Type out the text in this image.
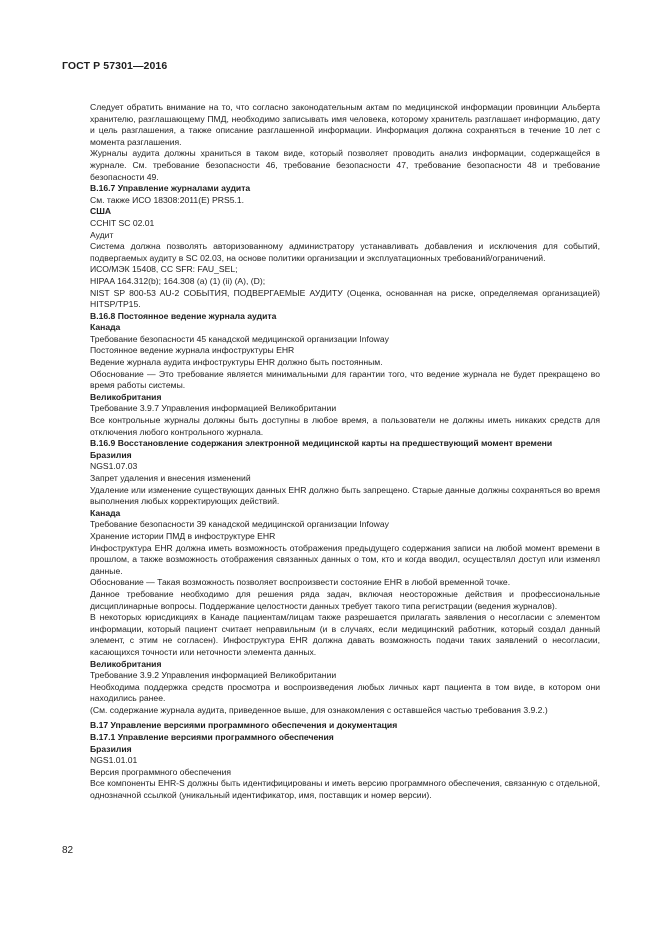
ГОСТ Р 57301—2016

Следует обратить внимание на то, что согласно законодательным актам по медицинской информации провинции Альберта хранителю, разглашающему ПМД, необходимо записывать имя человека, которому хранитель разглашает информацию, дату и цель разглашения, а также описание разглашенной информации. Информация должна сохраняться в течение 10 лет с момента разглашения.

Журналы аудита должны храниться в таком виде, который позволяет проводить анализ информации, содержащейся в журнале. См. требование безопасности 46, требование безопасности 47, требование безопасности 48 и требование безопасности 49.

В.16.7 Управление журналами аудита

См. также ИСО 18308:2011(Е) PRS5.1.

США

CCHIT SC 02.01

Аудит

Система должна позволять авторизованному администратору устанавливать добавления и исключения для событий, подвергаемых аудиту в SC 02.03, на основе политики организации и эксплуатационных требований/ограничений.

ИСО/МЭК 15408, CC SFR: FAU_SEL;

HIPAA 164.312(b); 164.308 (a) (1) (ii) (A), (D);

NIST SP 800-53 AU-2 СОБЫТИЯ, ПОДВЕРГАЕМЫЕ АУДИТУ (Оценка, основанная на риске, определяемая организацией) HITSP/TP15.

В.16.8 Постоянное ведение журнала аудита

Канада

Требование безопасности 45 канадской медицинской организации Infoway

Постоянное ведение журнала инфоструктуры EHR

Ведение журнала аудита инфоструктуры EHR должно быть постоянным.

Обоснование — Это требование является минимальными для гарантии того, что ведение журнала не будет прекращено во время работы системы.

Великобритания

Требование 3.9.7 Управления информацией Великобритании

Все контрольные журналы должны быть доступны в любое время, а пользователи не должны иметь никаких средств для отключения любого контрольного журнала.

В.16.9 Восстановление содержания электронной медицинской карты на предшествующий момент времени

Бразилия

NGS1.07.03

Запрет удаления и внесения изменений

Удаление или изменение существующих данных EHR должно быть запрещено. Старые данные должны сохраняться во время выполнения любых корректирующих действий.

Канада

Требование безопасности 39 канадской медицинской организации Infoway

Хранение истории ПМД в инфоструктуре EHR

Инфоструктура EHR должна иметь возможность отображения предыдущего содержания записи на любой момент времени в прошлом, а также возможность отображения связанных данных о том, кто и когда вводил, осуществлял доступ или изменял данные.

Обоснование — Такая возможность позволяет воспроизвести состояние EHR в любой временной точке.

Данное требование необходимо для решения ряда задач, включая неосторожные действия и профессиональные дисциплинарные вопросы. Поддержание целостности данных требует такого типа регистрации (ведения журналов).

В некоторых юрисдикциях в Канаде пациентам/лицам также разрешается прилагать заявления о несогласии с элементом информации, который пациент считает неправильным (и в случаях, если медицинский работник, который создал данный элемент, с этим не согласен). Инфоструктура EHR должна давать возможность подачи таких заявлений о несогласии, касающихся точности или неточности элемента данных.

Великобритания

Требование 3.9.2 Управления информацией Великобритании

Необходима поддержка средств просмотра и воспроизведения любых личных карт пациента в том виде, в котором они находились ранее.

(См. содержание журнала аудита, приведенное выше, для ознакомления с оставшейся частью требования 3.9.2.)

В.17 Управление версиями программного обеспечения и документация

В.17.1 Управление версиями программного обеспечения

Бразилия

NGS1.01.01

Версия программного обеспечения

Все компоненты EHR-S должны быть идентифицированы и иметь версию программного обеспечения, связанную с отдельной, однозначной ссылкой (уникальный идентификатор, имя, поставщик и номер версии).

82
